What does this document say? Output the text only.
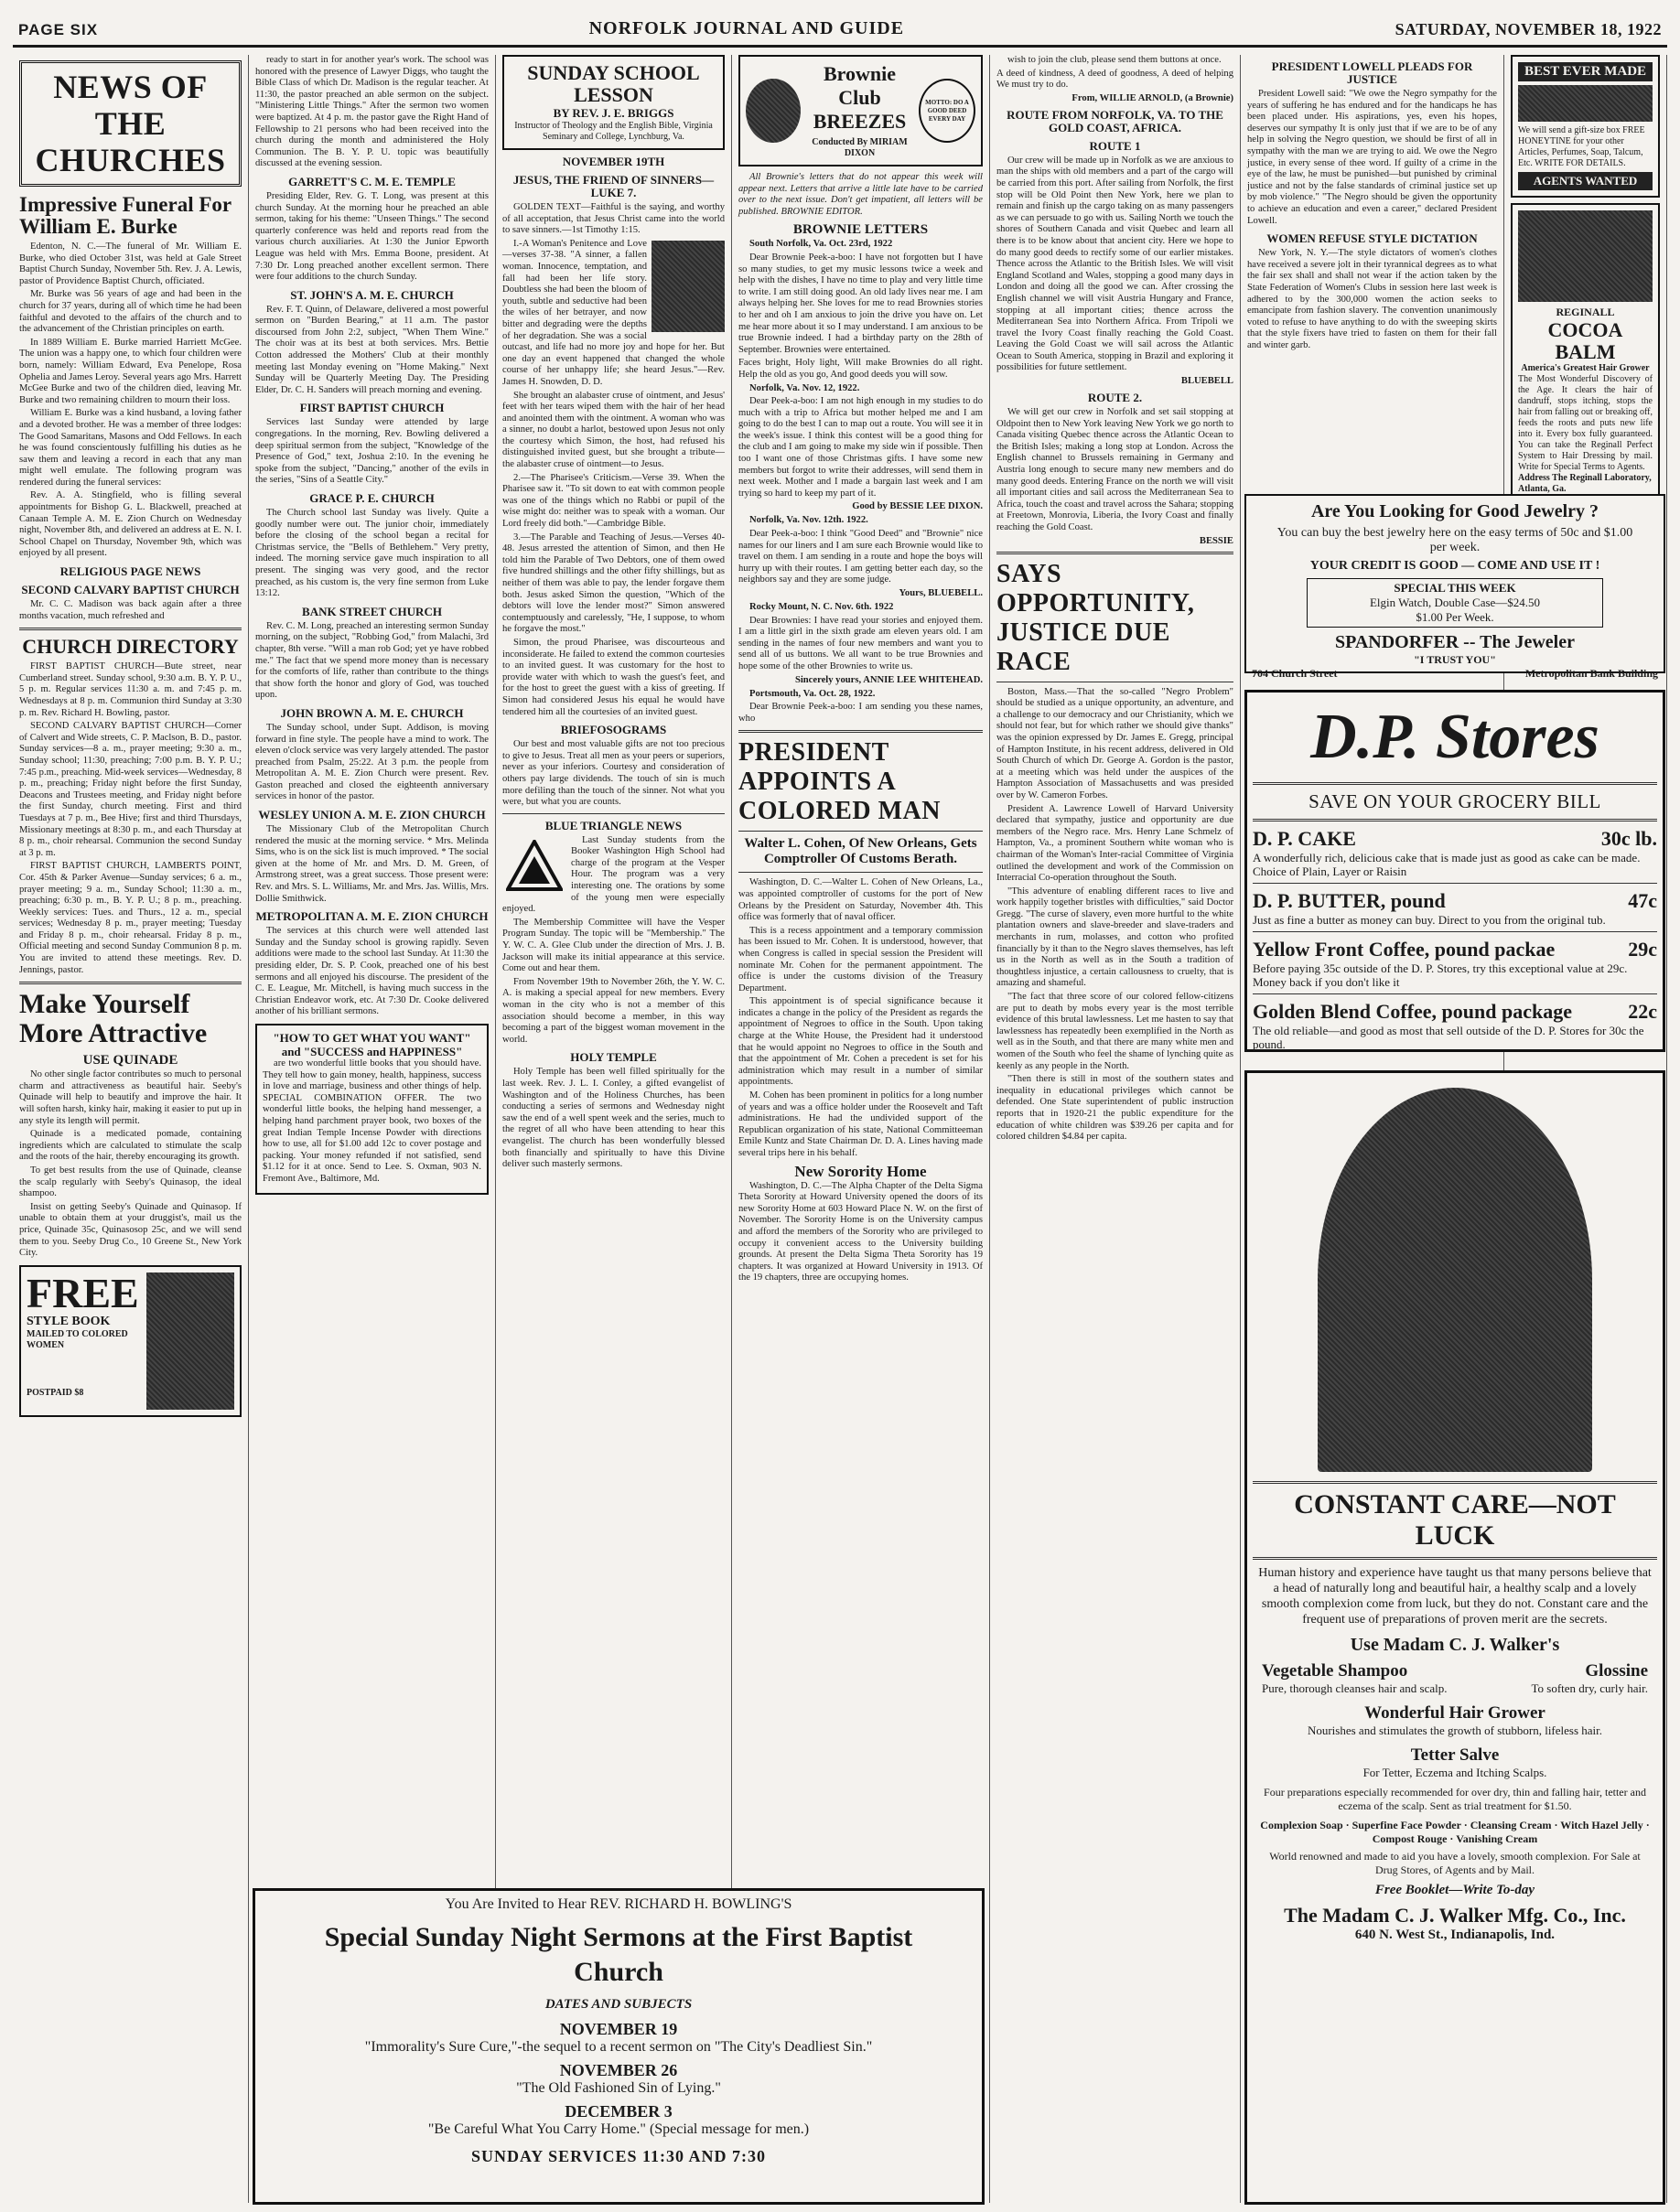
PAGE SIX	NORFOLK JOURNAL AND GUIDE	SATURDAY, NOVEMBER 18, 1922
NEWS OF THE CHURCHES
Impressive Funeral For William E. Burke

Edenton, N. C.—The funeral of Mr. William E. Burke, who died October 31st, was held at Gale Street Baptist Church Sunday, November 5th. Rev. J. A. Lewis, pastor of Providence Baptist Church, officiated.

Mr. Burke was 56 years of age and had been in the church for 37 years, during all of which time he had been faithful and devoted to the affairs of the church and to the advancement of the Christian principles on earth.

In 1889 William E. Burke married Harriett McGee. The union was a happy one, to which four children were born, namely: William Edward, Eva Penelope, Rosa Ophelia and James Leroy. Several years ago Mrs. Harrett McGee Burke and two of the children died, leaving Mr. Burke and two remaining children to mourn their loss.

William E. Burke was a kind husband, a loving father and a devoted brother. He was a member of three lodges: The Good Samaritans, Masons and Odd Fellows. In each he was found conscientously fulfilling his duties as he saw them and leaving a record in each that any man might well emulate. The following program was rendered during the funeral services:

Rev. A. A. Stingfield, who is filling several appointments for Bishop G. L. Blackwell, preached at Canaan Temple A. M. E. Zion Church on Wednesday night, November 8th, and delivered an address at E. N. I. School Chapel on Thursday, November 9th, which was enjoyed by all present.

RELIGIOUS PAGE NEWS
SECOND CALVARY BAPTIST CHURCH

Mr. C. C. Madison was back again after a three months vacation, much refreshed and

CHURCH DIRECTORY

FIRST BAPTIST CHURCH—Bute street, near Cumberland street. Sunday school, 9:30 a.m. B. Y. P. U., 5 p. m. Regular services 11:30 a. m. and 7:45 p. m. Wednesdays at 8 p. m. Communion third Sunday at 3:30 p. m. Rev. Richard H. Bowling, pastor.

SECOND CALVARY BAPTIST CHURCH—Corner of Calvert and Wide streets, C. P. Maclson, B. D., pastor. Sunday services—8 a. m., prayer meeting; 9:30 a. m., Sunday school; 11:30, preaching; 7:00 p.m. B. Y. P. U.; 7:45 p.m., preaching. Mid-week services—Wednesday, 8 p. m., preaching; Friday night before the first Sunday, Deacons and Trustees meeting, and Friday night before the first Sunday, church meeting. First and third Tuesdays at 7 p. m., Bee Hive; first and third Thursdays, Missionary meetings at 8:30 p. m., and each Thursday at 8 p. m., choir rehearsal. Communion the second Sunday at 3 p. m.

FIRST BAPTIST CHURCH, LAMBERTS POINT, Cor. 45th & Parker Avenue—Sunday services; 6 a. m., prayer meeting; 9 a. m., Sunday School; 11:30 a. m., preaching; 6:30 p. m., B. Y. P. U.; 8 p. m., preaching. Weekly services: Tues. and Thurs., 12 a. m., special services; Wednesday 8 p. m., prayer meeting; Tuesday and Friday 8 p. m., choir rehearsal. Friday 8 p. m., Official meeting and second Sunday Communion 8 p. m. You are invited to attend these meetings. Rev. D. Jennings, pastor.

Make Yourself More Attractive
USE QUINADE

No other single factor contributes so much to personal charm and attractiveness as beautiful hair. Seeby's Quinade will help to beautify and improve the hair. It will soften harsh, kinky hair, making it easier to put up in any style its length will permit.

Quinade is a medicated pomade, containing ingredients which are calculated to stimulate the scalp and the roots of the hair, thereby encouraging its growth.

To get best results from the use of Quinade, cleanse the scalp regularly with Seeby's Quinasop, the ideal shampoo.

Insist on getting Seeby's Quinade and Quinasop. If unable to obtain them at your druggist's, mail us the price, Quinade 35c, Quinasosop 25c, and we will send them to you. Seeby Drug Co., 10 Greene St., New York City.

FREE
STYLE BOOK
MAILED TO COLORED WOMEN
POSTPAID $8

ready to start in for another year's work. The school was honored with the presence of Lawyer Diggs, who taught the Bible Class of which Dr. Madison is the regular teacher. At 11:30, the pastor preached an able sermon on the subject. "Ministering Little Things." After the sermon two women were baptized. At 4 p. m. the pastor gave the Right Hand of Fellowship to 21 persons who had been received into the church during the month and administered the Holy Communion. The B. Y. P. U. topic was beautifully discussed at the evening session.

GARRETT'S C. M. E. TEMPLE

Presiding Elder, Rev. G. T. Long, was present at this church Sunday. At the morning hour he preached an able sermon, taking for his theme: "Unseen Things." The second quarterly conference was held and reports read from the various church auxiliaries. At 1:30 the Junior Epworth League was held with Mrs. Emma Boone, president. At 7:30 Dr. Long preached another excellent sermon. There were four additions to the church Sunday.

ST. JOHN'S A. M. E. CHURCH

Rev. F. T. Quinn, of Delaware, delivered a most powerful sermon on "Burden Bearing," at 11 a.m. The pastor discoursed from John 2:2, subject, "When Them Wine." The choir was at its best at both services. Mrs. Bettie Cotton addressed the Mothers' Club at their monthly meeting last Monday evening on "Home Making." Next Sunday will be Quarterly Meeting Day. The Presiding Elder, Dr. C. H. Sanders will preach morning and evening.

FIRST BAPTIST CHURCH

Services last Sunday were attended by large congregations. In the morning, Rev. Bowling delivered a deep spiritual sermon from the subject, "Knowledge of the Presence of God," text, Joshua 2:10. In the evening he spoke from the subject, "Dancing," another of the evils in the series, "Sins of a Seattle City."

GRACE P. E. CHURCH

The Church school last Sunday was lively. Quite a goodly number were out. The junior choir, immediately before the closing of the school began a recital for Christmas service, the "Bells of Bethlehem." Very pretty, indeed. The morning service gave much inspiration to all present. The singing was very good, and the rector preached, as his custom is, the very fine sermon from Luke 13:12.

BANK STREET CHURCH

Rev. C. M. Long, preached an interesting sermon Sunday morning, on the subject, "Robbing God," from Malachi, 3rd chapter, 8th verse. "Will a man rob God; yet ye have robbed me." The fact that we spend more money than is necessary for the comforts of life, rather than contribute to the things that show forth the honor and glory of God, was touched upon.

JOHN BROWN A. M. E. CHURCH

The Sunday school, under Supt. Addison, is moving forward in fine style. The people have a mind to work. The eleven o'clock service was very largely attended. The pastor preached from Psalm, 25:22. At 3 p.m. the people from Metropolitan A. M. E. Zion Church were present. Rev. Gaston preached and closed the eighteenth anniversary services in honor of the pastor.

WESLEY UNION A. M. E. ZION CHURCH

The Missionary Club of the Metropolitan Church rendered the music at the morning service. * Mrs. Melinda Sims, who is on the sick list is much improved. * The social given at the home of Mr. and Mrs. D. M. Green, of Armstrong street, was a great success. Those present were: Rev. and Mrs. S. L. Williams, Mr. and Mrs. Jas. Willis, Mrs. Dollie Smithwick.

METROPOLITAN A. M. E. ZION CHURCH

The services at this church were well attended last Sunday and the Sunday school is growing rapidly. Seven additions were made to the school last Sunday. At 11:30 the presiding elder, Dr. S. P. Cook, preached one of his best sermons and all enjoyed his discourse. The president of the C. E. League, Mr. Mitchell, is having much success in the Christian Endeavor work, etc. At 7:30 Dr. Cooke delivered another of his brilliant sermons.

"HOW TO GET WHAT YOU WANT" and "SUCCESS and HAPPINESS"

are two wonderful little books that you should have. They tell how to gain money, health, happiness, success in love and marriage, business and other things of help. SPECIAL COMBINATION OFFER. The two wonderful little books, the helping hand messenger, a helping hand parchment prayer book, two boxes of the great Indian Temple Incense Powder with directions how to use, all for $1.00 add 12c to cover postage and packing. Your money refunded if not satisfied, send $1.12 for it at once. Send to Lee. S. Oxman, 903 N. Fremont Ave., Baltimore, Md.

SUNDAY SCHOOL LESSON
BY REV. J. E. BRIGGS
Instructor of Theology and the English Bible, Virginia Seminary and College, Lynchburg, Va.
NOVEMBER 19TH
JESUS, THE FRIEND OF SINNERS—LUKE 7.

GOLDEN TEXT—Faithful is the saying, and worthy of all acceptation, that Jesus Christ came into the world to save sinners.—1st Timothy 1:15.

I.-A Woman's Penitence and Love—verses 37-38. "A sinner, a fallen woman. Innocence, temptation, and fall had been her life story. Doubtless she had been the bloom of youth, subtle and seductive had been the wiles of her betrayer, and now bitter and degrading were the depths of her degradation. She was a social outcast, and life had no more joy and hope for her. But one day an event happened that changed the whole course of her unhappy life; she heard Jesus."—Rev. James H. Snowden, D. D.

She brought an alabaster cruse of ointment, and Jesus' feet with her tears wiped them with the hair of her head and anointed them with the ointment. A woman who was a sinner, no doubt a harlot, bestowed upon Jesus not only the courtesy which Simon, the host, had refused his distinguished invited guest, but she brought a tribute—the alabaster cruse of ointment—to Jesus.

2.—The Pharisee's Criticism.—Verse 39. When the Pharisee saw it. "To sit down to eat with common people was one of the things which no Rabbi or pupil of the wise might do: neither was to speak with a woman. Our Lord freely did both."—Cambridge Bible.

3.—The Parable and Teaching of Jesus.—Verses 40-48. Jesus arrested the attention of Simon, and then He told him the Parable of Two Debtors, one of them owed five hundred shillings and the other fifty shillings, but as neither of them was able to pay, the lender forgave them both. Jesus asked Simon the question, "Which of the debtors will love the lender most?" Simon answered contemptuously and carelessly, "He, I suppose, to whom he forgave the most."

Simon, the proud Pharisee, was discourteous and inconsiderate. He failed to extend the common courtesies to an invited guest. It was customary for the host to provide water with which to wash the guest's feet, and for the host to greet the guest with a kiss of greeting. If Simon had considered Jesus his equal he would have tendered him all the courtesies of an invited guest.

BRIEFOSOGRAMS

Our best and most valuable gifts are not too precious to give to Jesus. Treat all men as your peers or superiors, never as your inferiors. Courtesy and consideration of others pay large dividends. The touch of sin is much more defiling than the touch of the sinner. Not what you were, but what you are counts.

BLUE TRIANGLE NEWS

Last Sunday students from the Booker Washington High School had charge of the program at the Vesper Hour. The program was a very interesting one. The orations by some of the young men were especially enjoyed.

The Membership Committee will have the Vesper Program Sunday. The topic will be "Membership." The Y. W. C. A. Glee Club under the direction of Mrs. J. B. Jackson will make its initial appearance at this service. Come out and hear them.

From November 19th to November 26th, the Y. W. C. A. is making a special appeal for new members. Every woman in the city who is not a member of this association should become a member, in this way becoming a part of the biggest woman movement in the world.

HOLY TEMPLE

Holy Temple has been well filled spiritually for the last week. Rev. J. L. I. Conley, a gifted evangelist of Washington and of the Holiness Churches, has been conducting a series of sermons and Wednesday night saw the end of a well spent week and the series, much to the regret of all who have been attending to hear this evangelist. The church has been wonderfully blessed both financially and spiritually to have this Divine deliver such masterly sermons.

Brownie Club BREEZES
Conducted By MIRIAM DIXON
MOTTO: DO A GOOD DEED EVERY DAY

All Brownie's letters that do not appear this week will appear next. Letters that arrive a little late have to be carried over to the next issue. Don't get impatient, all letters will be published. BROWNIE EDITOR.

BROWNIE LETTERS

South Norfolk, Va. Oct. 23rd, 1922

Dear Brownie Peek-a-boo: I have not forgotten but I have so many studies, to get my music lessons twice a week and help with the dishes, I have no time to play and very little time to write. I am still doing good. An old lady lives near me. I am always helping her. She loves for me to read Brownies stories to her and oh I am anxious to join the drive you have on. Let me hear more about it so I may understand. I am anxious to be true Brownie indeed. I had a birthday party on the 28th of September. Brownies were entertained.

Faces bright, Holy light, Will make Brownies do all right. Help the old as you go, And good deeds you will sow.

Norfolk, Va. Nov. 12, 1922.

Dear Peek-a-boo: I am not high enough in my studies to do much with a trip to Africa but mother helped me and I am going to do the best I can to map out a route. You will see it in the week's issue. I think this contest will be a good thing for the club and I am going to make my side win if possible. Then too I want one of those Christmas gifts. I have some new members but forgot to write their addresses, will send them in next week. Mother and I made a bargain last week and I am trying so hard to keep my part of it.

Good by BESSIE LEE DIXON.

Norfolk, Va. Nov. 12th. 1922.

Dear Peek-a-boo: I think "Good Deed" and "Brownie" nice names for our liners and I am sure each Brownie would like to travel on them. I am sending in a route and hope the boys will hurry up with their routes. I am getting better each day, so the neighbors say and they are some judge.

Yours, BLUEBELL.

Rocky Mount, N. C. Nov. 6th. 1922

Dear Brownies: I have read your stories and enjoyed them. I am a little girl in the sixth grade am eleven years old. I am sending in the names of four new members and want you to send all of us buttons. We all want to be true Brownies and hope some of the other Brownies to write us.

Sincerely yours, ANNIE LEE WHITEHEAD.

Portsmouth, Va. Oct. 28, 1922.

Dear Brownie Peek-a-boo: I am sending you these names, who

PRESIDENT APPOINTS A COLORED MAN
Walter L. Cohen, Of New Orleans, Gets Comptroller Of Customs Berath.

Washington, D. C.—Walter L. Cohen of New Orleans, La., was appointed comptroller of customs for the port of New Orleans by the President on Saturday, November 4th. This office was formerly that of naval officer.

This is a recess appointment and a temporary commission has been issued to Mr. Cohen. It is understood, however, that when Congress is called in special session the President will nominate Mr. Cohen for the permanent appointment. The office is under the customs division of the Treasury Department.

This appointment is of special significance because it indicates a change in the policy of the President as regards the appointment of Negroes to office in the South. Upon taking charge at the White House, the President had it understood that he would appoint no Negroes to office in the South and that the appointment of Mr. Cohen a precedent is set for his administration which may result in a number of similar appointments.

M. Cohen has been prominent in politics for a long number of years and was a office holder under the Roosevelt and Taft administrations. He had the undivided support of the Republican organization of his state, National Committeeman Emile Kuntz and State Chairman Dr. D. A. Lines having made several trips here in his behalf.

New Sorority Home

Washington, D. C.—The Alpha Chapter of the Delta Sigma Theta Sorority at Howard University opened the doors of its new Sorority Home at 603 Howard Place N. W. on the first of November. The Sorority Home is on the University campus and afford the members of the Sorority who are privileged to occupy it convenient access to the University building grounds. At present the Delta Sigma Theta Sorority has 19 chapters. It was organized at Howard University in 1913. Of the 19 chapters, three are occupying homes.

wish to join the club, please send them buttons at once.

A deed of kindness, A deed of goodness, A deed of helping We must try to do.

From, WILLIE ARNOLD, (a Brownie)
ROUTE FROM NORFOLK, VA. TO THE GOLD COAST, AFRICA.
ROUTE 1

Our crew will be made up in Norfolk as we are anxious to man the ships with old members and a part of the cargo will be carried from this port. After sailing from Norfolk, the first stop will be Old Point then New York, here we plan to remain and finish up the cargo taking on as many passengers as we can persuade to go with us. Sailing North we touch the shores of Southern Canada and visit Quebec and learn all there is to be know about that ancient city. Here we hope to do many good deeds to rectify some of our earlier mistakes. Thence across the Atlantic to the British Isles. We will visit England Scotland and Wales, stopping a good many days in London and doing all the good we can. After crossing the English channel we will visit Austria Hungary and France, stopping at all important cities; thence across the Mediterranean Sea into Northern Africa. From Tripoli we travel the Ivory Coast finally reaching the Gold Coast. Leaving the Gold Coast we will sail across the Atlantic Ocean to South America, stopping in Brazil and exploring it possibilities for future settlement.

BLUEBELL
ROUTE 2.

We will get our crew in Norfolk and set sail stopping at Oldpoint then to New York leaving New York we go north to Canada visiting Quebec thence across the Atlantic Ocean to the British Isles; making a long stop at London. Across the English channel to Brussels remaining in Germany and Austria long enough to secure many new members and do many good deeds. Entering France on the north we will visit all important cities and sail across the Mediterranean Sea to Africa, touch the coast and travel across the Sahara; stopping at Freetown, Monrovia, Liberia, the Ivory Coast and finally reaching the Gold Coast.

BESSIE
SAYS OPPORTUNITY, JUSTICE DUE RACE

Boston, Mass.—That the so-called "Negro Problem" should be studied as a unique opportunity, an adventure, and a challenge to our democracy and our Christianity, which we should not fear, but for which rather we should give thanks" was the opinion expressed by Dr. James E. Gregg, principal of Hampton Institute, in his recent address, delivered in Old South Church of which Dr. George A. Gordon is the pastor, at a meeting which was held under the auspices of the Hampton Association of Massachusetts and was presided over by W. Cameron Forbes.

President A. Lawrence Lowell of Harvard University declared that sympathy, justice and opportunity are due members of the Negro race. Mrs. Henry Lane Schmelz of Hampton, Va., a prominent Southern white woman who is chairman of the Woman's Inter-racial Committee of Virginia outlined the development and work of the Commission on Interracial Co-operation throughout the South.

"This adventure of enabling different races to live and work happily together bristles with difficulties," said Doctor Gregg. "The curse of slavery, even more hurtful to the white plantation owners and slave-breeder and slave-traders and merchants in rum, molasses, and cotton who profited financially by it than to the Negro slaves themselves, has left us in the North as well as in the South a tradition of thoughtless injustice, a certain callousness to cruelty, that is amazing and shameful.

"The fact that three score of our colored fellow-citizens are put to death by mobs every year is the most terrible evidence of this brutal lawlessness. Let me hasten to say that lawlessness has repeatedly been exemplified in the North as well as in the South, and that there are many white men and women of the South who feel the shame of lynching quite as keenly as any people in the North.

"Then there is still in most of the southern states and inequality in educational privileges which cannot be defended. One State superintendent of public instruction reports that in 1920-21 the public expenditure for the education of white children was $39.26 per capita and for colored children $4.84 per capita.

PRESIDENT LOWELL PLEADS FOR JUSTICE

President Lowell said: "We owe the Negro sympathy for the years of suffering he has endured and for the handicaps he has been placed under. His aspirations, yes, even his hopes, deserves our sympathy It is only just that if we are to be of any help in solving the Negro question, we should be first of all in sympathy with the man we are trying to aid. We owe the Negro justice, in every sense of thee word. If guilty of a crime in the eye of the law, he must be punished—but punished by criminal justice and not by the false standards of criminal justice set up by mob violence." "The Negro should be given the opportunity to achieve an education and even a career," declared President Lowell.

WOMEN REFUSE STYLE DICTATION

New York, N. Y.—The style dictators of women's clothes have received a severe jolt in their tyrannical degrees as to what the fair sex shall and shall not wear if the action taken by the State Federation of Women's Clubs in session here last week is adhered to by the 300,000 women the action seeks to emancipate from fashion slavery. The convention unanimously voted to refuse to have anything to do with the sweeping skirts that the style fixers have tried to fasten on them for their fall and winter garb.

BEST EVER MADE

We will send a gift-size box FREE HONEYTINE for your other Articles, Perfumes, Soap, Talcum, Etc. WRITE FOR DETAILS.

AGENTS WANTED
REGINALL
COCOA BALM
America's Greatest Hair Grower

The Most Wonderful Discovery of the Age. It clears the hair of dandruff, stops itching, stops the hair from falling out or breaking off, feeds the roots and puts new life into it. Every box fully guaranteed. You can take the Reginall Perfect System to Hair Dressing by mail. Write for Special Terms to Agents.

Address The Reginall Laboratory, Atlanta, Ga.
Are You Looking for Good Jewelry ?
You can buy the best jewelry here on the easy terms of 50c and $1.00 per week.
YOUR CREDIT IS GOOD — COME AND USE IT !
SPECIAL THIS WEEK
Elgin Watch, Double Case—$24.50
$1.00 Per Week.
SPANDORFER -- The Jeweler
"I TRUST YOU"
704 Church Street	Metropolitan Bank Building
D.P. Stores
SAVE ON YOUR GROCERY BILL
D. P. CAKE	30c lb.
A wonderfully rich, delicious cake that is made just as good as cake can be made. Choice of Plain, Layer or Raisin
D. P. BUTTER, pound	47c
Just as fine a butter as money can buy. Direct to you from the original tub.
Yellow Front Coffee, pound packae	29c
Before paying 35c outside of the D. P. Stores, try this exceptional value at 29c. Money back if you don't like it
Golden Blend Coffee, pound package	22c
The old reliable—and good as most that sell outside of the D. P. Stores for 30c the pound.
CONSTANT CARE—NOT LUCK

Human history and experience have taught us that many persons believe that a head of naturally long and beautiful hair, a healthy scalp and a lovely smooth complexion come from luck, but they do not. Constant care and the frequent use of preparations of proven merit are the secrets.

Use Madam C. J. Walker's
Vegetable Shampoo
Pure, thorough cleanses hair and scalp.
Glossine
To soften dry, curly hair.
Wonderful Hair Grower
Nourishes and stimulates the growth of stubborn, lifeless hair.
Tetter Salve
For Tetter, Eczema and Itching Scalps.

Four preparations especially recommended for over dry, thin and falling hair, tetter and eczema of the scalp. Sent as trial treatment for $1.50.

Complexion Soap · Superfine Face Powder · Cleansing Cream · Witch Hazel Jelly · Compost Rouge · Vanishing Cream

World renowned and made to aid you have a lovely, smooth complexion. For Sale at Drug Stores, of Agents and by Mail.

Free Booklet—Write To-day
The Madam C. J. Walker Mfg. Co., Inc.
640 N. West St., Indianapolis, Ind.
You Are Invited to Hear REV. RICHARD H. BOWLING'S
Special Sunday Night Sermons at the First Baptist Church
DATES AND SUBJECTS
NOVEMBER 19
"Immorality's Sure Cure,"-the sequel to a recent sermon on "The City's Deadliest Sin."
NOVEMBER 26
"The Old Fashioned Sin of Lying."
DECEMBER 3
"Be Careful What You Carry Home." (Special message for men.)
SUNDAY SERVICES 11:30 AND 7:30
